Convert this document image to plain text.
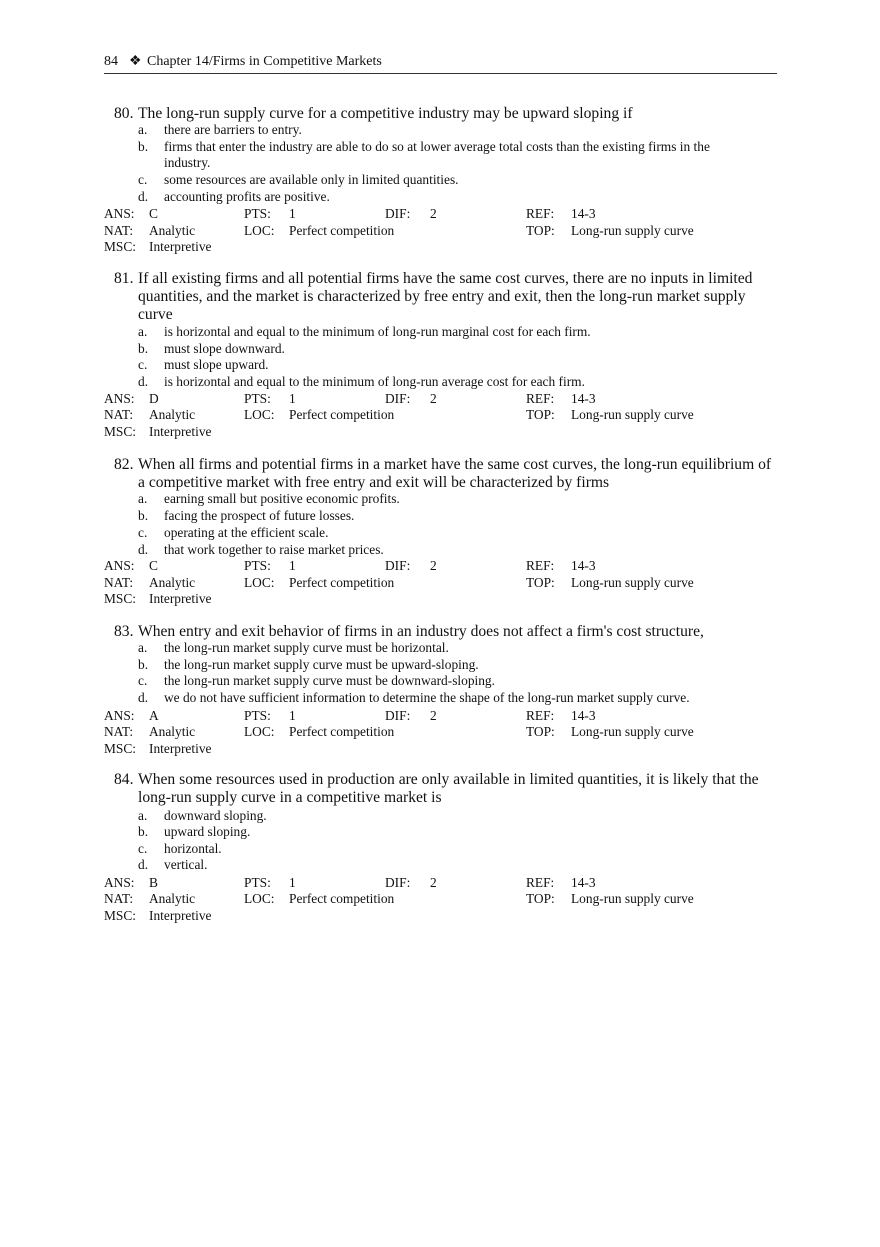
84 ❖ Chapter 14/Firms in Competitive Markets
80. The long-run supply curve for a competitive industry may be upward sloping if
a.	there are barriers to entry.
b.	firms that enter the industry are able to do so at lower average total costs than the existing firms in the industry.
c.	some resources are available only in limited quantities.
d.	accounting profits are positive.
ANS: C	PTS: 1	DIF: 2	REF: 14-3
NAT: Analytic	LOC: Perfect competition	TOP: Long-run supply curve
MSC: Interpretive
81. If all existing firms and all potential firms have the same cost curves, there are no inputs in limited quantities, and the market is characterized by free entry and exit, then the long-run market supply curve
a.	is horizontal and equal to the minimum of long-run marginal cost for each firm.
b.	must slope downward.
c.	must slope upward.
d.	is horizontal and equal to the minimum of long-run average cost for each firm.
ANS: D	PTS: 1	DIF: 2	REF: 14-3
NAT: Analytic	LOC: Perfect competition	TOP: Long-run supply curve
MSC: Interpretive
82. When all firms and potential firms in a market have the same cost curves, the long-run equilibrium of a competitive market with free entry and exit will be characterized by firms
a.	earning small but positive economic profits.
b.	facing the prospect of future losses.
c.	operating at the efficient scale.
d.	that work together to raise market prices.
ANS: C	PTS: 1	DIF: 2	REF: 14-3
NAT: Analytic	LOC: Perfect competition	TOP: Long-run supply curve
MSC: Interpretive
83. When entry and exit behavior of firms in an industry does not affect a firm's cost structure,
a.	the long-run market supply curve must be horizontal.
b.	the long-run market supply curve must be upward-sloping.
c.	the long-run market supply curve must be downward-sloping.
d.	we do not have sufficient information to determine the shape of the long-run market supply curve.
ANS: A	PTS: 1	DIF: 2	REF: 14-3
NAT: Analytic	LOC: Perfect competition	TOP: Long-run supply curve
MSC: Interpretive
84. When some resources used in production are only available in limited quantities, it is likely that the long-run supply curve in a competitive market is
a.	downward sloping.
b.	upward sloping.
c.	horizontal.
d.	vertical.
ANS: B	PTS: 1	DIF: 2	REF: 14-3
NAT: Analytic	LOC: Perfect competition	TOP: Long-run supply curve
MSC: Interpretive
